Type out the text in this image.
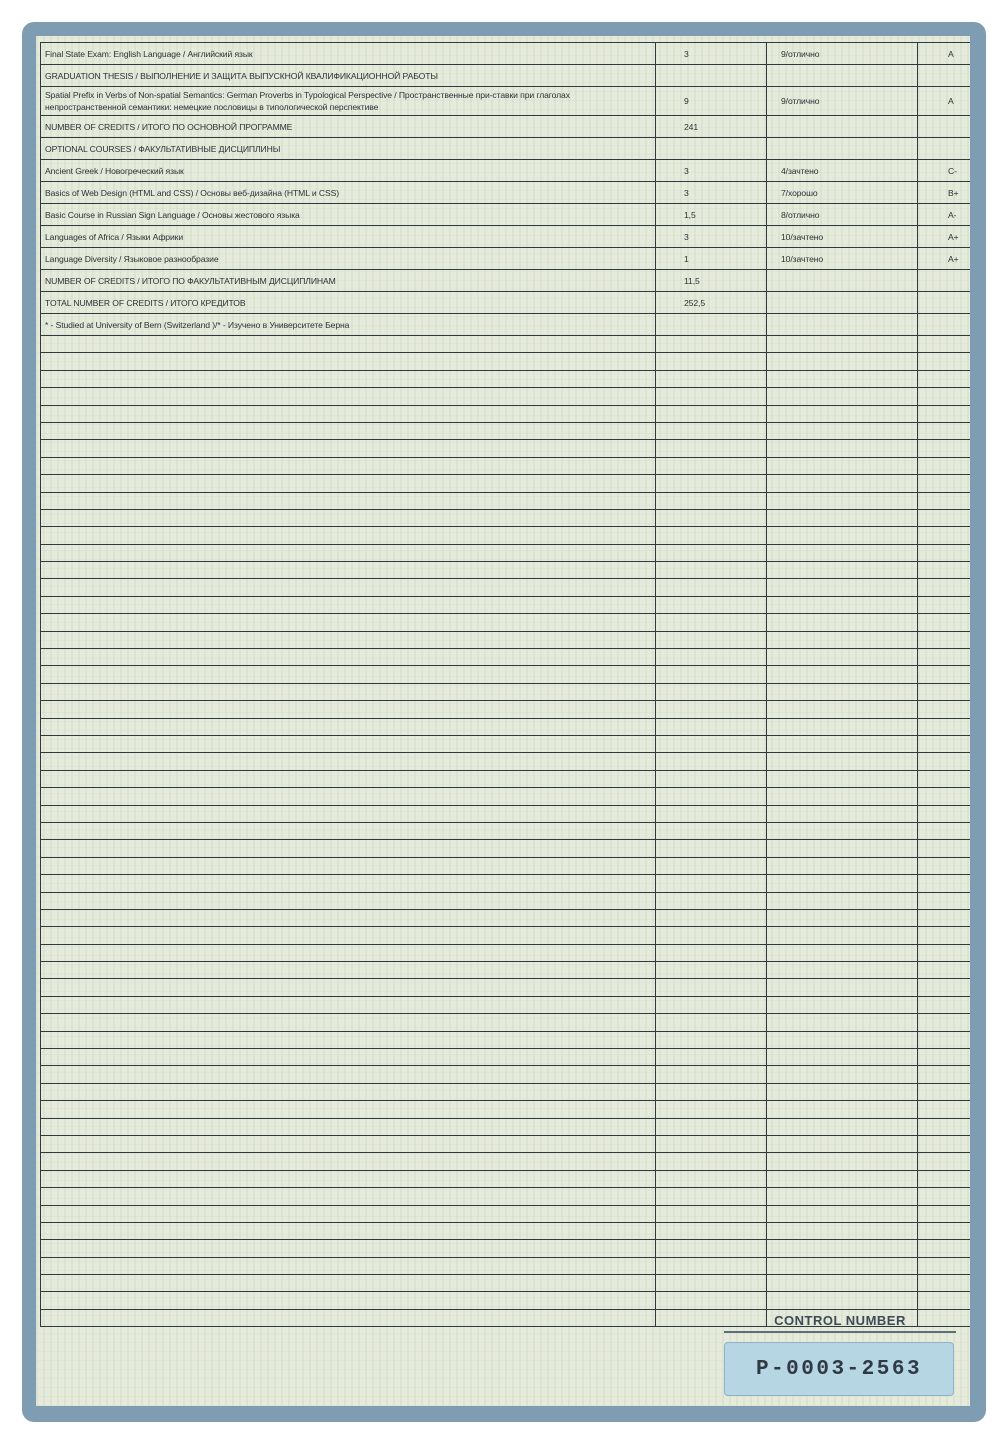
Final State Exam: English Language / Английский язык	3	9/отлично	A
GRADUATION THESIS / ВЫПОЛНЕНИЕ И ЗАЩИТА ВЫПУСКНОЙ КВАЛИФИКАЦИОННОЙ РАБОТЫ			
Spatial Prefix in Verbs of Non-spatial Semantics: German Proverbs in Typological Perspective / Пространственные при-ставки при глаголах непространственной семантики: немецкие пословицы в типологической перспективе	9	9/отлично	A
NUMBER OF CREDITS / ИТОГО ПО ОСНОВНОЙ ПРОГРАММЕ	241		
OPTIONAL COURSES / ФАКУЛЬТАТИВНЫЕ ДИСЦИПЛИНЫ			
Ancient Greek / Новогреческий язык	3	4/зачтено	C-
Basics of Web Design (HTML and CSS) / Основы веб-дизайна (HTML и CSS)	3	7/хорошо	B+
Basic Course in Russian Sign Language / Основы жестового языка	1,5	8/отлично	A-
Languages of Africa / Языки Африки	3	10/зачтено	A+
Language Diversity / Языковое разнообразие	1	10/зачтено	A+
NUMBER OF CREDITS / ИТОГО ПО ФАКУЛЬТАТИВНЫМ ДИСЦИПЛИНАМ	11,5		
TOTAL NUMBER OF CREDITS / ИТОГО КРЕДИТОВ	252,5		
* - Studied at University of Bern (Switzerland )/* - Изучено в Университете Берна			

CONTROL NUMBER
P-0003-2563
